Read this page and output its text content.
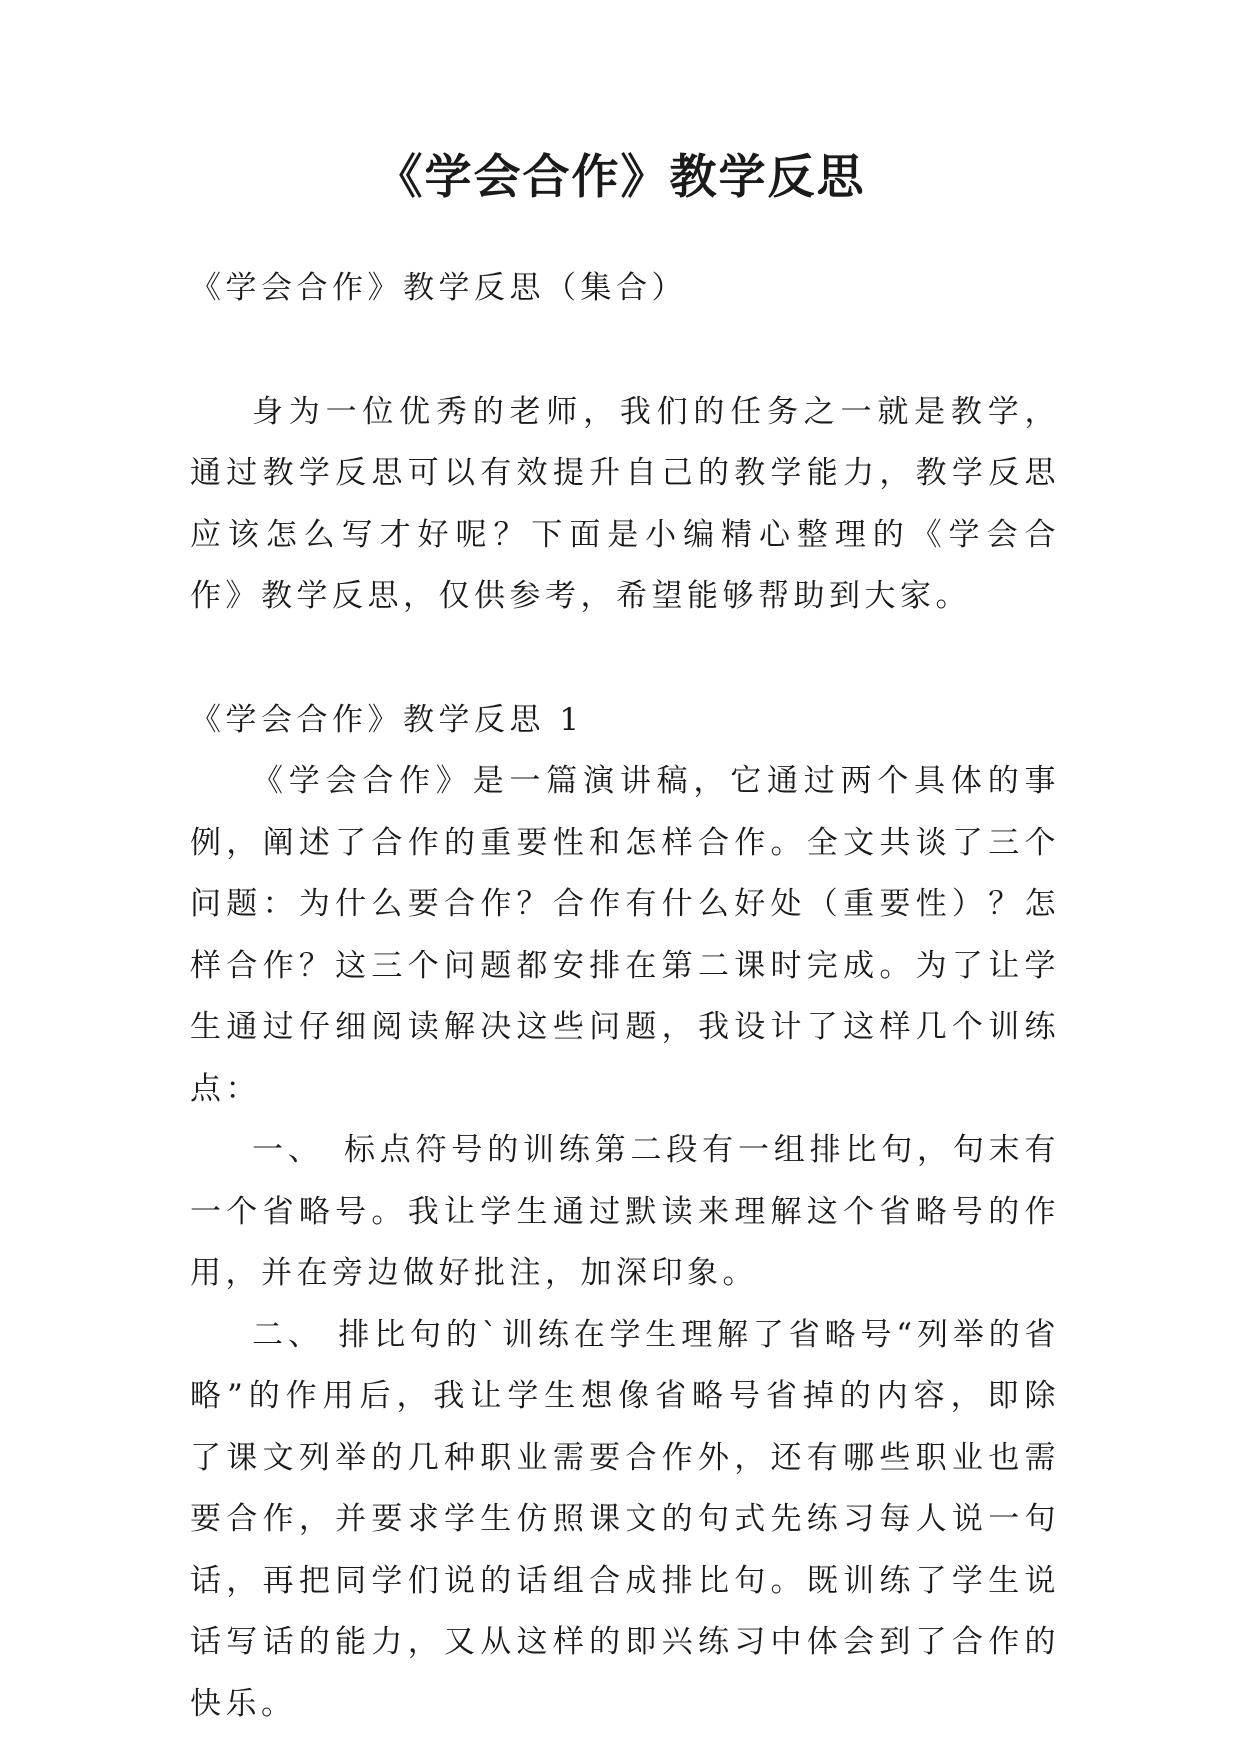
《学会合作》教学反思

《学会合作》教学反思（集合）

身为一位优秀的老师，我们的任务之一就是教学，通过教学反思可以有效提升自己的教学能力，教学反思应该怎么写才好呢？下面是小编精心整理的《学会合作》教学反思，仅供参考，希望能够帮助到大家。

《学会合作》教学反思 1

《学会合作》是一篇演讲稿，它通过两个具体的事例，阐述了合作的重要性和怎样合作。全文共谈了三个问题：为什么要合作？合作有什么好处（重要性）？怎样合作？这三个问题都安排在第二课时完成。为了让学生通过仔细阅读解决这些问题，我设计了这样几个训练点：

一、　标点符号的训练第二段有一组排比句，句末有一个省略号。我让学生通过默读来理解这个省略号的作用，并在旁边做好批注，加深印象。

二、 排比句的`训练在学生理解了省略号“列举的省略”的作用后，我让学生想像省略号省掉的内容，即除了课文列举的几种职业需要合作外，还有哪些职业也需要合作，并要求学生仿照课文的句式先练习每人说一句话，再把同学们说的话组合成排比句。既训练了学生说话写话的能力，又从这样的即兴练习中体会到了合作的快乐。
